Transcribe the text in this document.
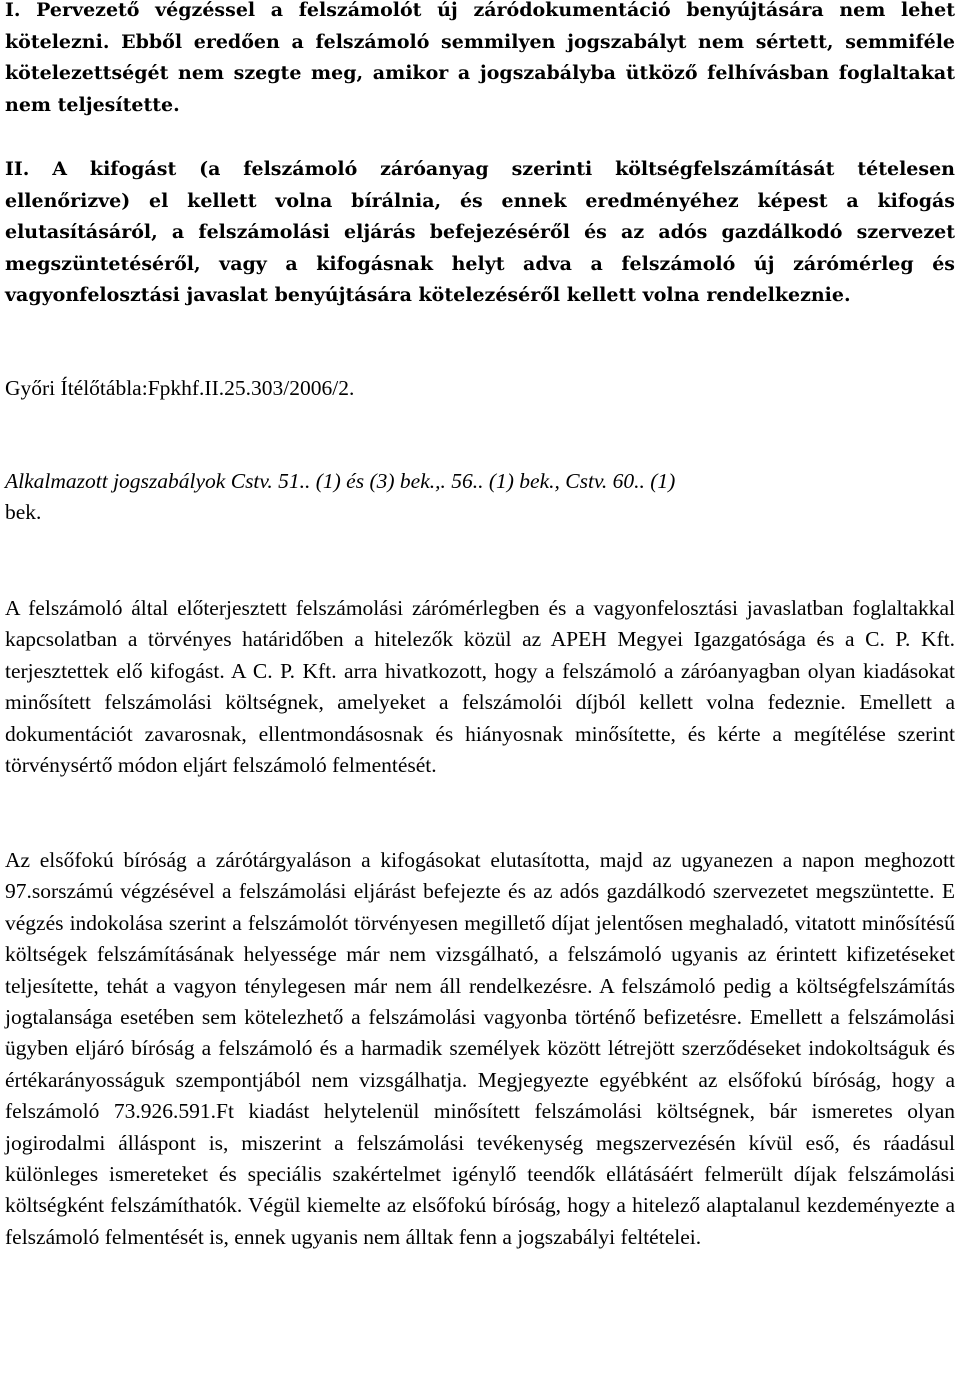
I. Pervezető végzéssel a felszámolót új záródokumentáció benyújtására nem lehet kötelezni. Ebből eredően a felszámoló semmilyen jogszabályt nem sértett, semmiféle kötelezettségét nem szegte meg, amikor a jogszabályba ütköző felhívásban foglaltakat nem teljesítette.

II. A kifogást (a felszámoló záróanyag szerinti költségfelszámítását tételesen ellenőrizve) el kellett volna bírálnia, és ennek eredményéhez képest a kifogás elutasításáról, a felszámolási eljárás befejezéséről és az adós gazdálkodó szervezet megszüntetéséről, vagy a kifogásnak helyt adva a felszámoló új zárómérleg és vagyonfelosztási javaslat benyújtására kötelezéséről kellett volna rendelkeznie.

Győri Ítélőtábla:Fpkhf.II.25.303/2006/2.

Alkalmazott jogszabályok Cstv. 51.. (1) és (3) bek.,. 56.. (1) bek., Cstv. 60.. (1)
bek.

A felszámoló által előterjesztett felszámolási zárómérlegben és a vagyonfelosztási javaslatban foglaltakkal kapcsolatban a törvényes határidőben a hitelezők közül az APEH Megyei Igazgatósága és a C. P. Kft. terjesztettek elő kifogást. A C. P. Kft. arra hivatkozott, hogy a felszámoló a záróanyagban olyan kiadásokat minősített felszámolási költségnek, amelyeket a felszámolói díjból kellett volna fedeznie. Emellett a dokumentációt zavarosnak, ellentmondásosnak és hiányosnak minősítette, és kérte a megítélése szerint törvénysértő módon eljárt felszámoló felmentését.

Az elsőfokú bíróság a zárótárgyaláson a kifogásokat elutasította, majd az ugyanezen a napon meghozott 97.sorszámú végzésével a felszámolási eljárást befejezte és az adós gazdálkodó szervezetet megszüntette. E végzés indokolása szerint a felszámolót törvényesen megillető díjat jelentősen meghaladó, vitatott minősítésű költségek felszámításának helyessége már nem vizsgálható, a felszámoló ugyanis az érintett kifizetéseket teljesítette, tehát a vagyon ténylegesen már nem áll rendelkezésre. A felszámoló pedig a költségfelszámítás jogtalansága esetében sem kötelezhető a felszámolási vagyonba történő befizetésre. Emellett a felszámolási ügyben eljáró bíróság a felszámoló és a harmadik személyek között létrejött szerződéseket indokoltságuk és értékarányosságuk szempontjából nem vizsgálhatja. Megjegyezte egyébként az elsőfokú bíróság, hogy a felszámoló 73.926.591.Ft kiadást helytelenül minősített felszámolási költségnek, bár ismeretes olyan jogirodalmi álláspont is, miszerint a felszámolási tevékenység megszervezésén kívül eső, és ráadásul különleges ismereteket és speciális szakértelmet igénylő teendők ellátásáért felmerült díjak felszámolási költségként felszámíthatók. Végül kiemelte az elsőfokú bíróság, hogy a hitelező alaptalanul kezdeményezte a felszámoló felmentését is, ennek ugyanis nem álltak fenn a jogszabályi feltételei.
